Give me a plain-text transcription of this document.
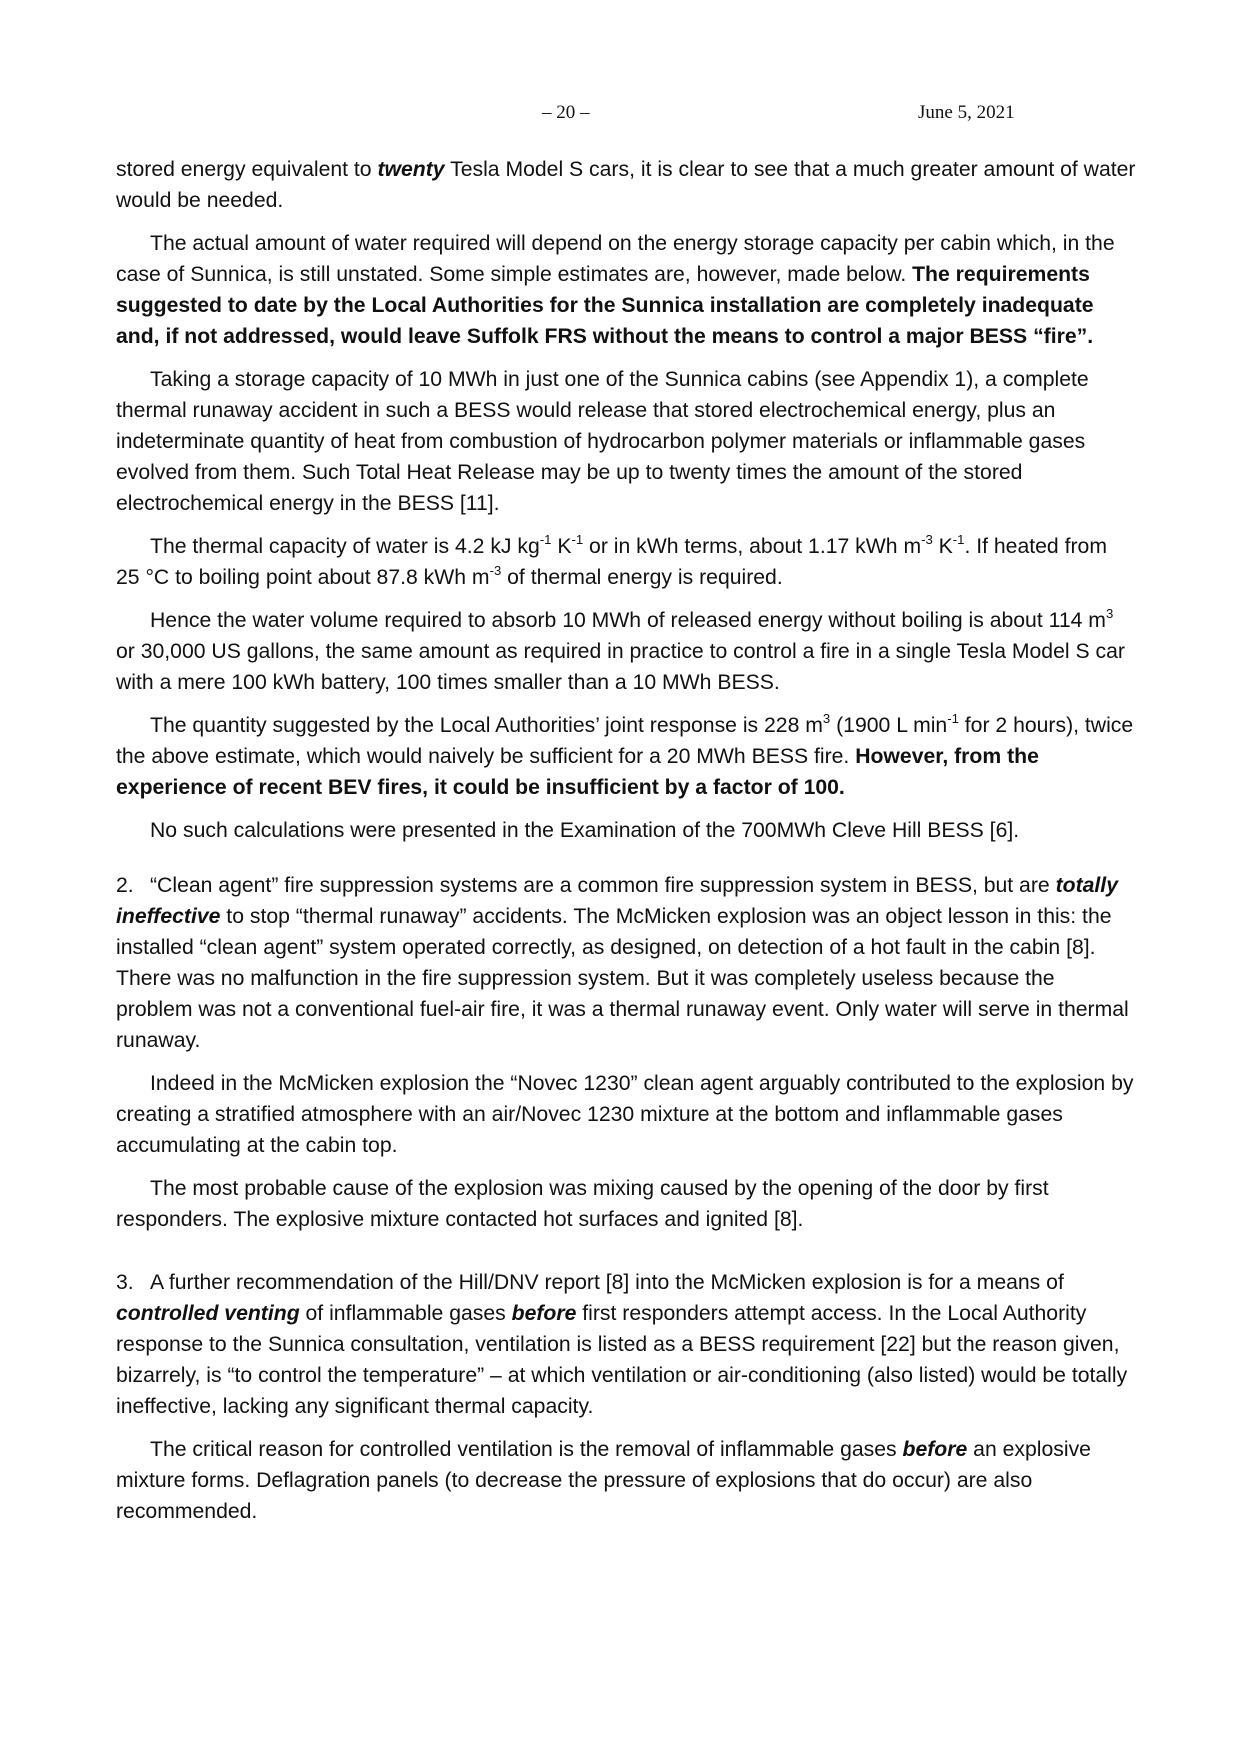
– 20 –	June 5, 2021

stored energy equivalent to twenty Tesla Model S cars, it is clear to see that a much greater amount of water would be needed.

The actual amount of water required will depend on the energy storage capacity per cabin which, in the case of Sunnica, is still unstated. Some simple estimates are, however, made below. The requirements suggested to date by the Local Authorities for the Sunnica installation are completely inadequate and, if not addressed, would leave Suffolk FRS without the means to control a major BESS “fire”.

Taking a storage capacity of 10 MWh in just one of the Sunnica cabins (see Appendix 1), a complete thermal runaway accident in such a BESS would release that stored electrochemical energy, plus an indeterminate quantity of heat from combustion of hydrocarbon polymer materials or inflammable gases evolved from them. Such Total Heat Release may be up to twenty times the amount of the stored electrochemical energy in the BESS [11].

The thermal capacity of water is 4.2 kJ $kg^{-1}$ $K^{-1}$ or in kWh terms, about 1.17 kWh $m^{-3}$ $K^{-1}$. If heated from 25 °C to boiling point about 87.8 kWh $m^{-3}$ of thermal energy is required.

Hence the water volume required to absorb 10 MWh of released energy without boiling is about 114 $m^3$ or 30,000 US gallons, the same amount as required in practice to control a fire in a single Tesla Model S car with a mere 100 kWh battery, 100 times smaller than a 10 MWh BESS.

The quantity suggested by the Local Authorities’ joint response is 228 $m^3$ (1900 L $\min^{-1}$ for 2 hours), twice the above estimate, which would naively be sufficient for a 20 MWh BESS fire. However, from the experience of recent BEV fires, it could be insufficient by a factor of 100.

No such calculations were presented in the Examination of the 700MWh Cleve Hill BESS [6].

2. “Clean agent” fire suppression systems are a common fire suppression system in BESS, but are totally ineffective to stop “thermal runaway” accidents. The McMicken explosion was an object lesson in this: the installed “clean agent” system operated correctly, as designed, on detection of a hot fault in the cabin [8]. There was no malfunction in the fire suppression system. But it was completely useless because the problem was not a conventional fuel-air fire, it was a thermal runaway event. Only water will serve in thermal runaway.

Indeed in the McMicken explosion the “Novec 1230” clean agent arguably contributed to the explosion by creating a stratified atmosphere with an air/Novec 1230 mixture at the bottom and inflammable gases accumulating at the cabin top.

The most probable cause of the explosion was mixing caused by the opening of the door by first responders. The explosive mixture contacted hot surfaces and ignited [8].

3. A further recommendation of the Hill/DNV report [8] into the McMicken explosion is for a means of controlled venting of inflammable gases before first responders attempt access. In the Local Authority response to the Sunnica consultation, ventilation is listed as a BESS requirement [22] but the reason given, bizarrely, is “to control the temperature” – at which ventilation or air-conditioning (also listed) would be totally ineffective, lacking any significant thermal capacity.

The critical reason for controlled ventilation is the removal of inflammable gases before an explosive mixture forms. Deflagration panels (to decrease the pressure of explosions that do occur) are also recommended.
